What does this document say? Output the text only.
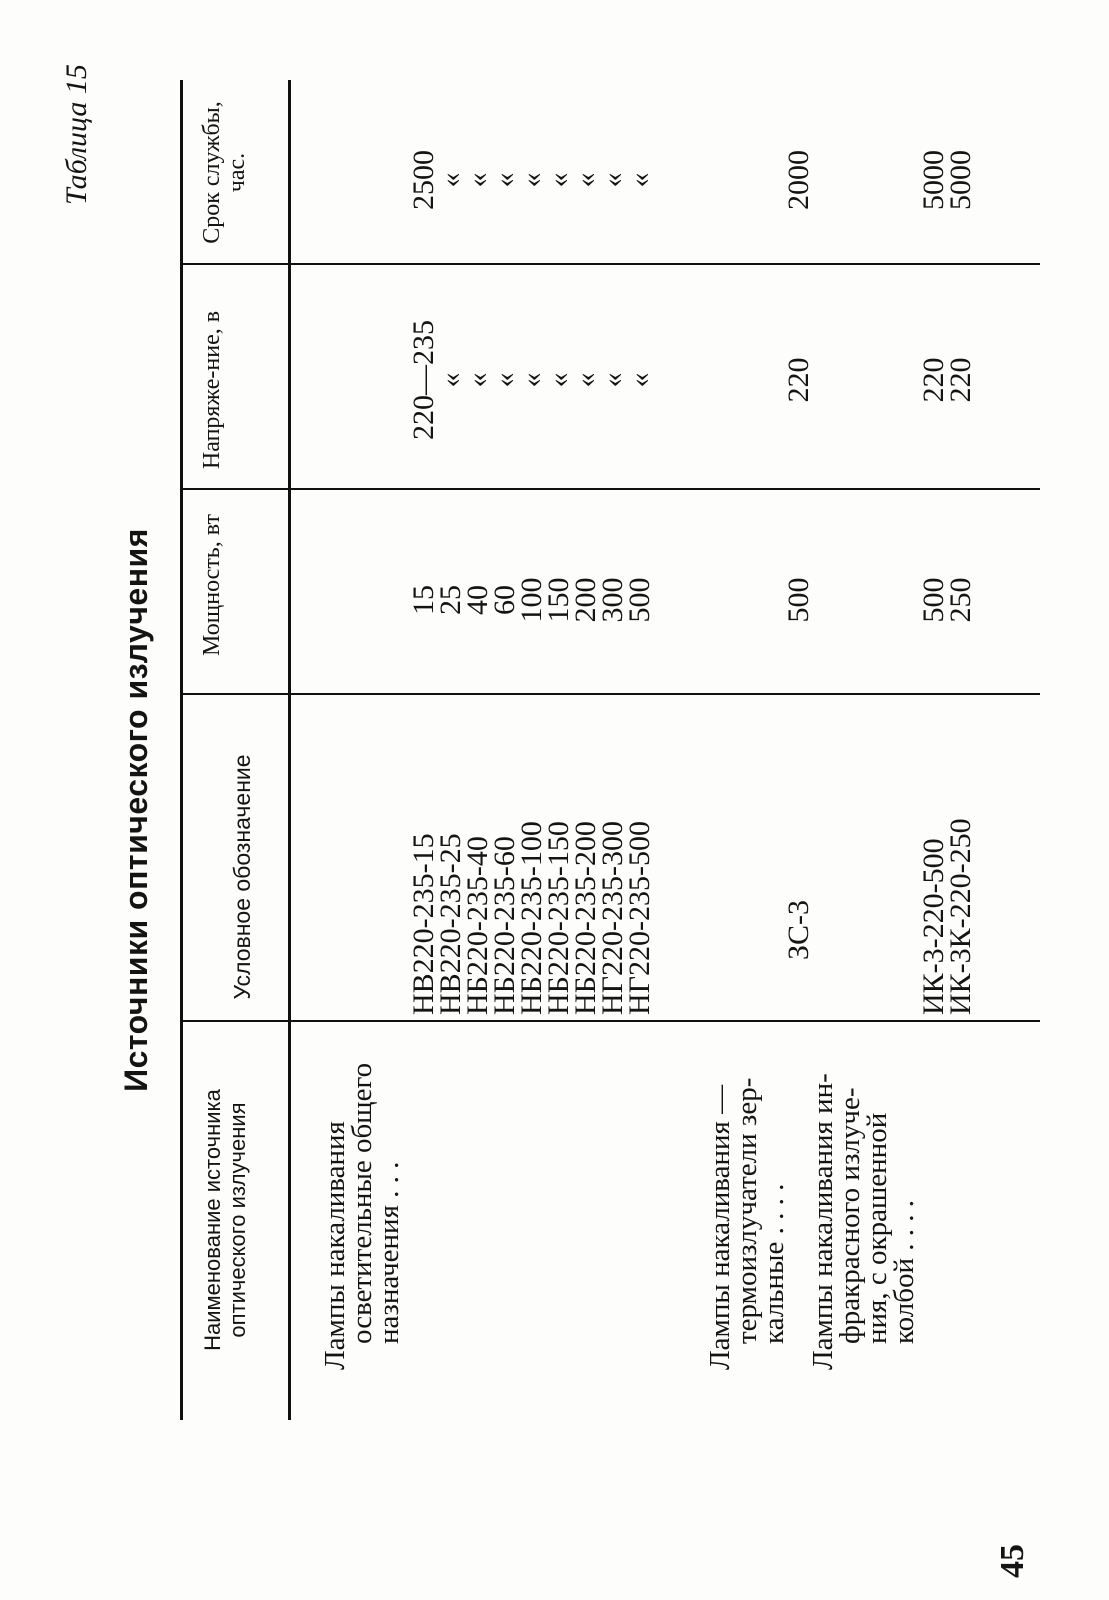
45
Таблица 15
Источники оптического излучения
Наименование источника оптического излучения
Условное обозначение
Мощность, вт
Напряже-ние, в
Срок службы, час.
Лампы накаливания
осветительные общего
назначения . . .
НВ220-235-15
НВ220-235-25
НБ220-235-40
НБ220-235-60
НБ220-235-100
НБ220-235-150
НБ220-235-200
НГ220-235-300
НГ220-235-500
15
25
40
60
100
150
200
300
500
220—235
«
«
«
«
«
«
«
«
2500
«
«
«
«
«
«
«
«
Лампы накаливания —
термоизлучатели зер-
кальные . . . .
ЗС-3
500
220
2000
Лампы накаливания ин-
фракрасного излуче-
ния, с окрашенной
колбой . . . .
ИК-3-220-500
ИК-3К-220-250
500
250
220
220
5000
5000
